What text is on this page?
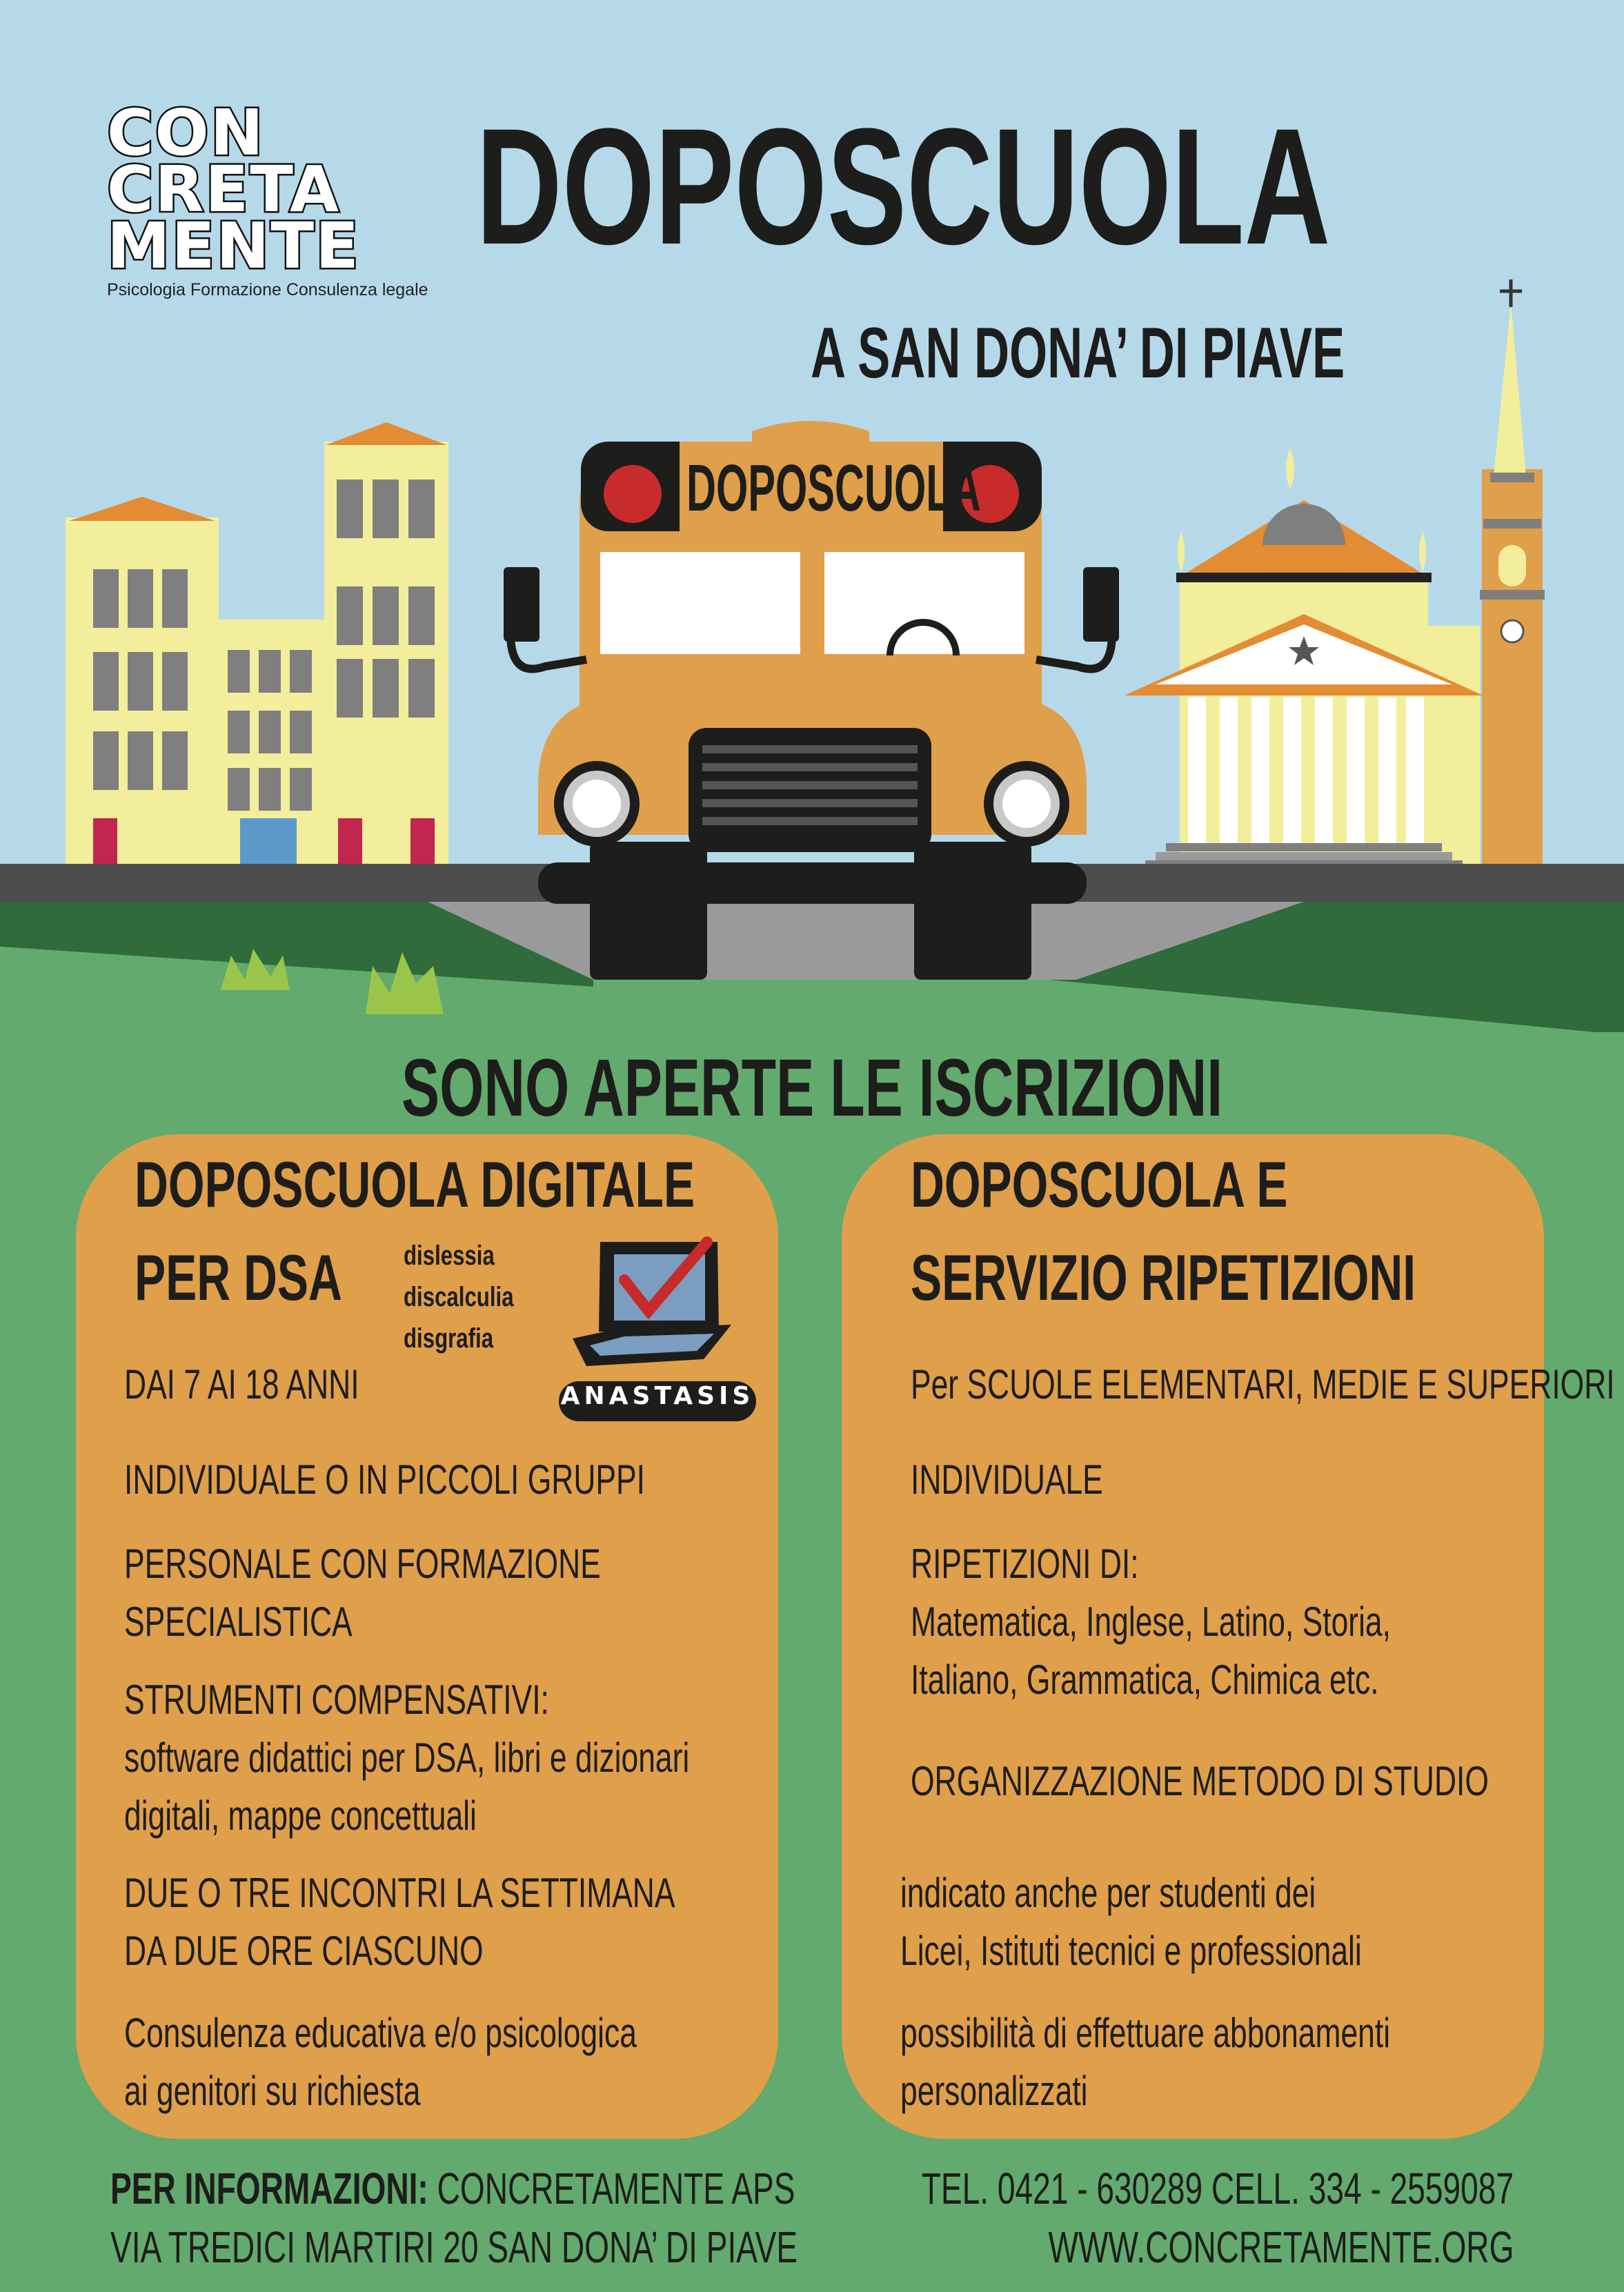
DOPOSCUOLA
CON
CRETA
MENTE
Psicologia Formazione Consulenza legale
DOPOSCUOLA
A SAN DONA’ DI PIAVE
SONO APERTE LE ISCRIZIONI
DOPOSCUOLA DIGITALE
PER DSA dislessia
discalculia
disgrafia
ANASTASIS
DAI 7 AI 18 ANNI
INDIVIDUALE O IN PICCOLI GRUPPI
PERSONALE CON FORMAZIONE
SPECIALISTICA
STRUMENTI COMPENSATIVI:
software didattici per DSA, libri e dizionari
digitali, mappe concettuali
DUE O TRE INCONTRI LA SETTIMANA
DA DUE ORE CIASCUNO
Consulenza educativa e/o psicologica
ai genitori su richiesta
DOPOSCUOLA E
SERVIZIO RIPETIZIONI
Per SCUOLE ELEMENTARI, MEDIE E SUPERIORI
INDIVIDUALE
RIPETIZIONI DI:
Matematica, Inglese, Latino, Storia,
Italiano, Grammatica, Chimica etc.
ORGANIZZAZIONE METODO DI STUDIO
indicato anche per studenti dei
Licei, Istituti tecnici e professionali
possibilità di effettuare abbonamenti
personalizzati
PER INFORMAZIONI: CONCRETAMENTE APS
VIA TREDICI MARTIRI 20 SAN DONA’ DI PIAVE
TEL. 0421 - 630289 CELL. 334 - 2559087
WWW.CONCRETAMENTE.ORG
